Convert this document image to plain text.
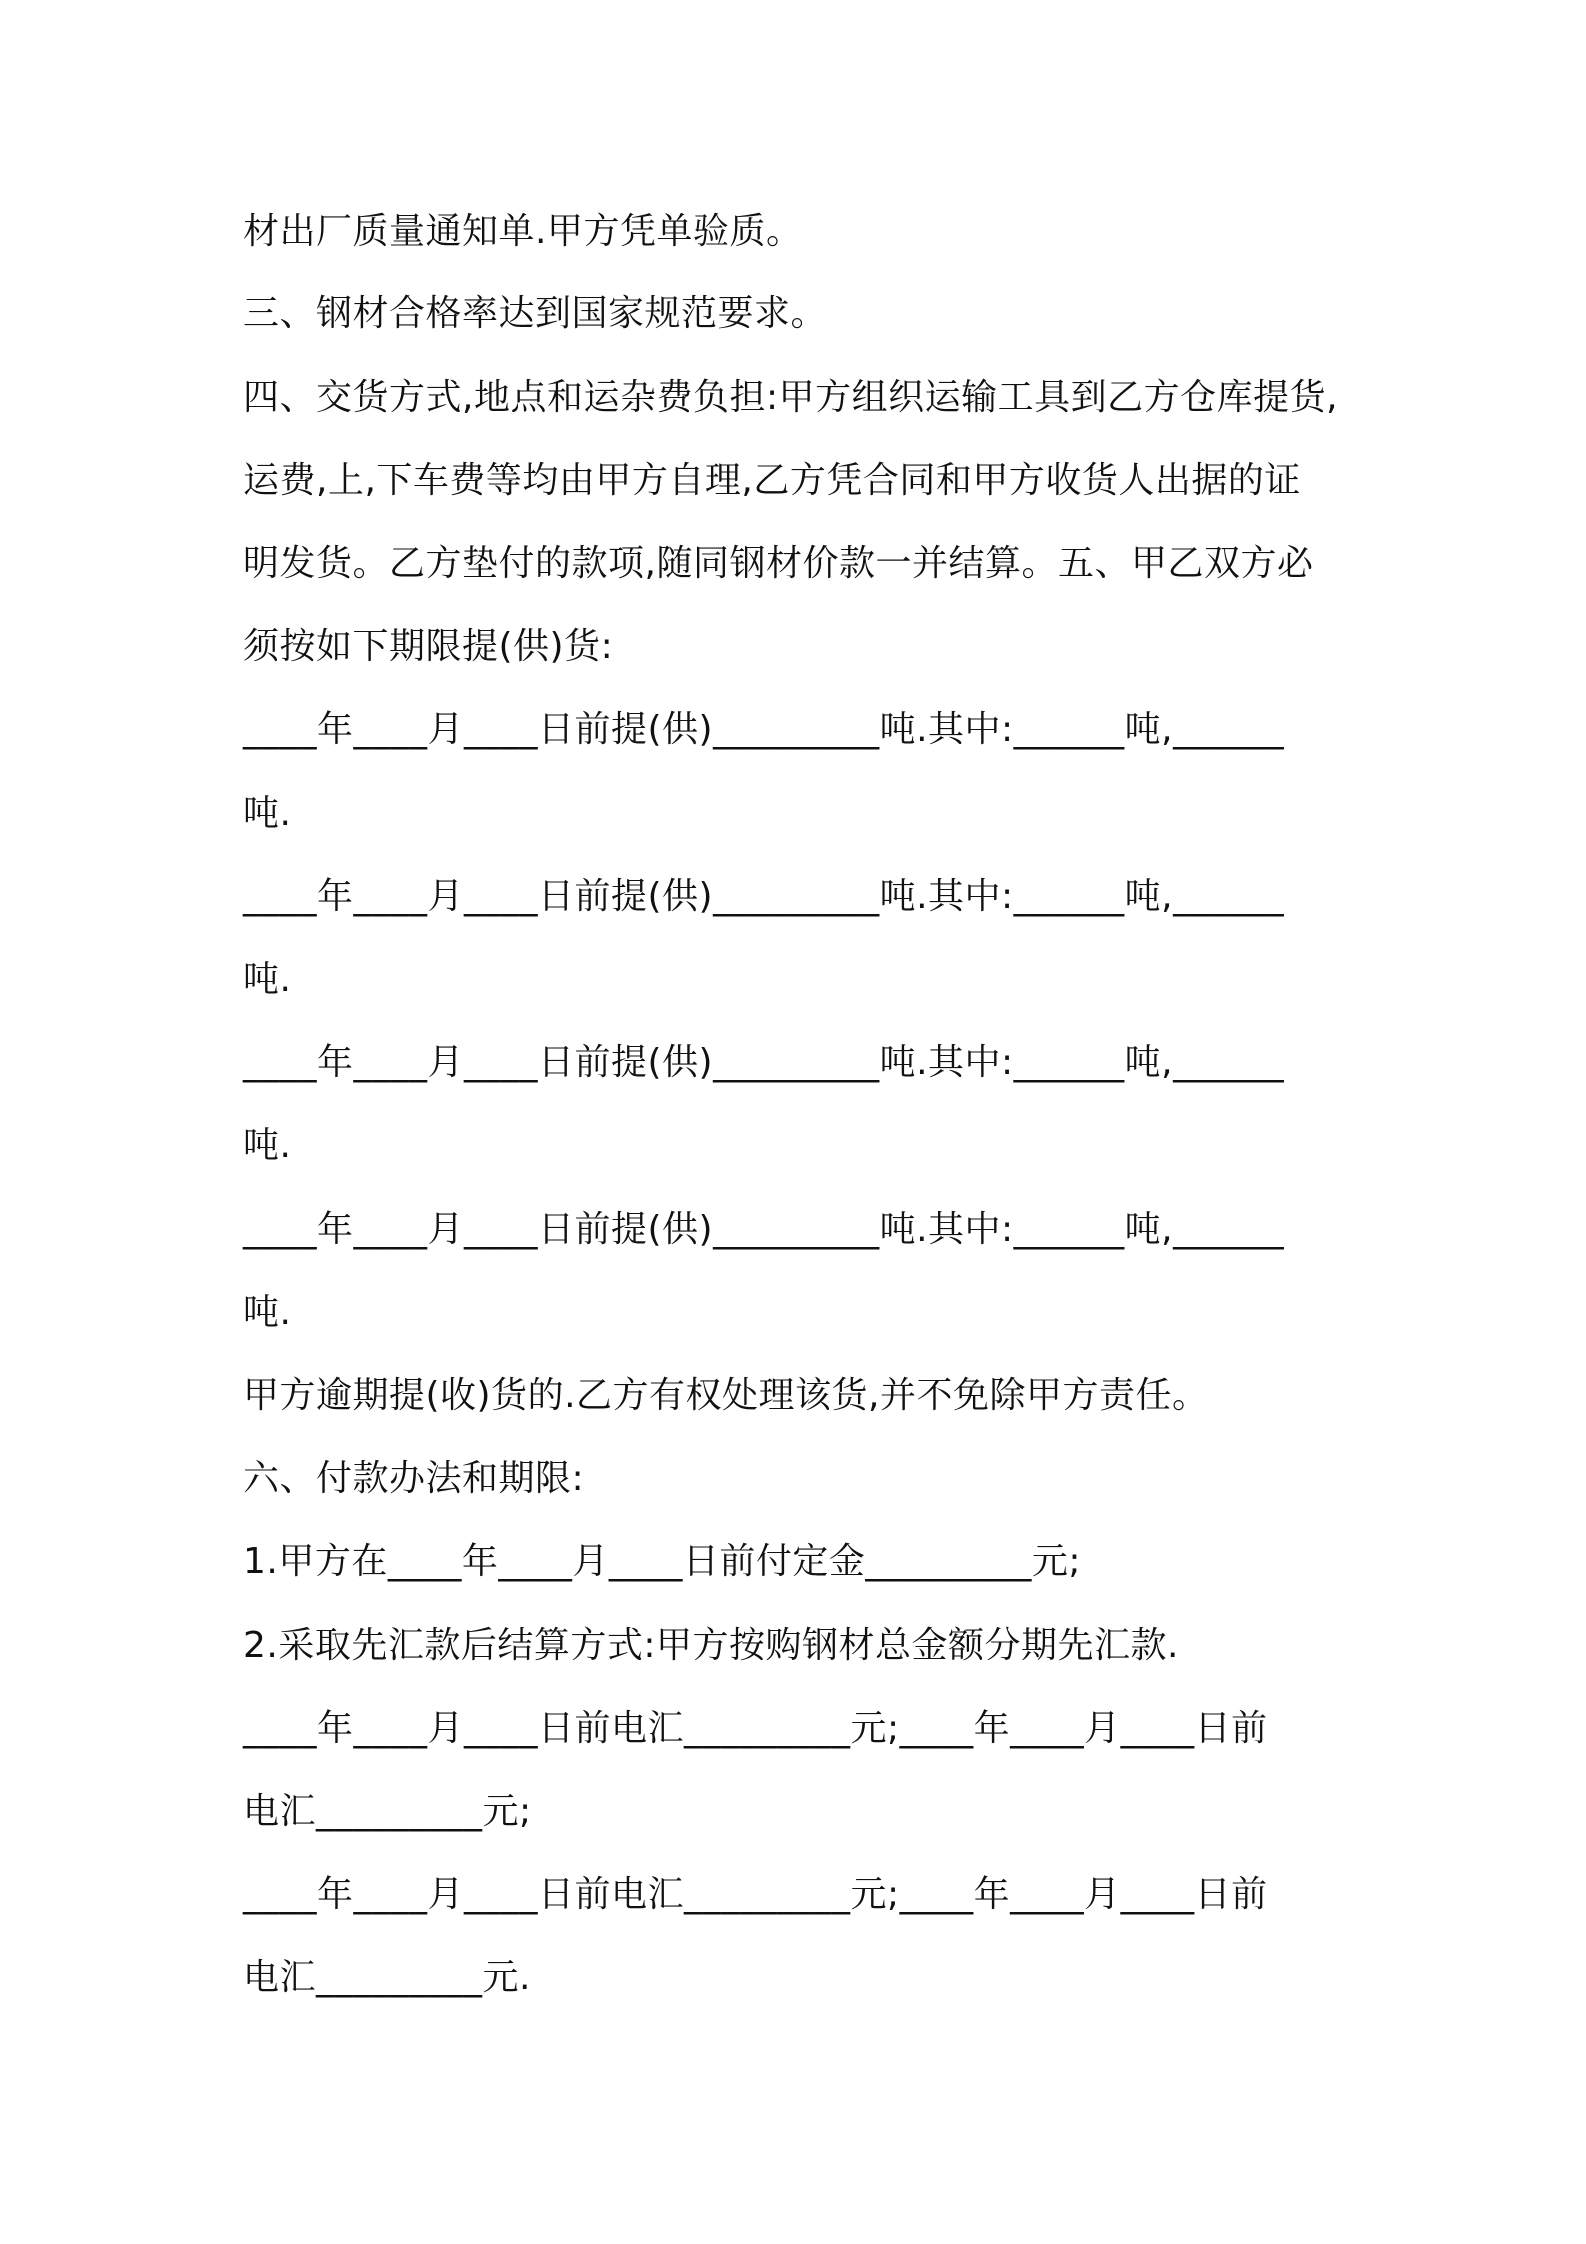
材出厂质量通知单.甲方凭单验质。
三、钢材合格率达到国家规范要求。
四、交货方式,地点和运杂费负担:甲方组织运输工具到乙方仓库提货,
运费,上,下车费等均由甲方自理,乙方凭合同和甲方收货人出据的证
明发货。乙方垫付的款项,随同钢材价款一并结算。五、甲乙双方必
须按如下期限提(供)货:
____年____月____日前提(供)_________吨.其中:______吨,______
吨.
____年____月____日前提(供)_________吨.其中:______吨,______
吨.
____年____月____日前提(供)_________吨.其中:______吨,______
吨.
____年____月____日前提(供)_________吨.其中:______吨,______
吨.
甲方逾期提(收)货的.乙方有权处理该货,并不免除甲方责任。
六、付款办法和期限:
1.甲方在____年____月____日前付定金_________元;
2.采取先汇款后结算方式:甲方按购钢材总金额分期先汇款.
____年____月____日前电汇_________元;____年____月____日前
电汇_________元;
____年____月____日前电汇_________元;____年____月____日前
电汇_________元.
